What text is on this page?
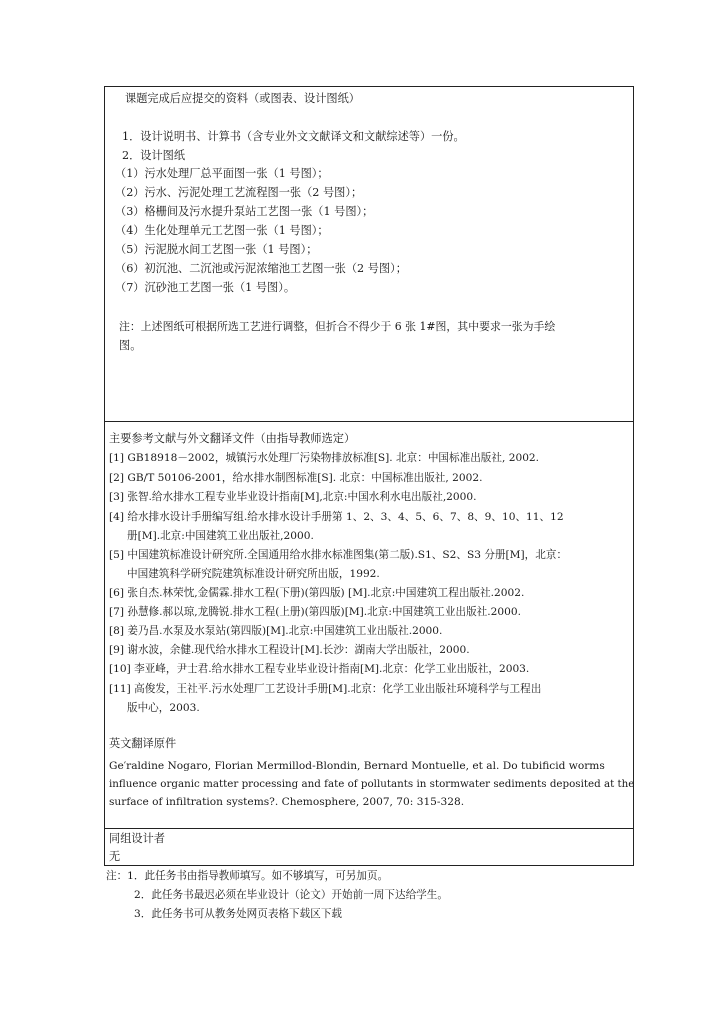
课题完成后应提交的资料（或图表、设计图纸）
1．设计说明书、计算书（含专业外文文献译文和文献综述等）一份。
2．设计图纸
（1）污水处理厂总平面图一张（1 号图）；
（2）污水、污泥处理工艺流程图一张（2 号图）；
（3）格栅间及污水提升泵站工艺图一张（1 号图）；
（4）生化处理单元工艺图一张（1 号图）；
（5）污泥脱水间工艺图一张（1 号图）；
（6）初沉池、二沉池或污泥浓缩池工艺图一张（2 号图）；
（7）沉砂池工艺图一张（1 号图）。
注：上述图纸可根据所选工艺进行调整，但折合不得少于 6 张 1#图，其中要求一张为手绘
图。
主要参考文献与外文翻译文件（由指导教师选定）
[1] GB18918－2002，城镇污水处理厂污染物排放标准[S]. 北京：中国标准出版社, 2002.
[2] GB/T 50106-2001，给水排水制图标准[S]. 北京：中国标准出版社, 2002.
[3] 张智.给水排水工程专业毕业设计指南[M],北京:中国水利水电出版社,2000.
[4] 给水排水设计手册编写组.给水排水设计手册第 1、2、3、4、5、6、7、8、9、10、11、12
册[M].北京:中国建筑工业出版社,2000.
[5] 中国建筑标准设计研究所.全国通用给水排水标准图集(第二版).S1、S2、S3 分册[M]，北京：
中国建筑科学研究院建筑标准设计研究所出版，1992.
[6] 张自杰.林荣忱,金儒霖.排水工程(下册)(第四版) [M].北京:中国建筑工程出版社.2002.
[7] 孙慧修.郝以琼,龙腾锐.排水工程(上册)(第四版)[M].北京:中国建筑工业出版社.2000.
[8] 姜乃昌.水泵及水泵站(第四版)[M].北京:中国建筑工业出版社.2000.
[9] 谢水波，余健.现代给水排水工程设计[M].长沙：湖南大学出版社，2000.
[10] 李亚峰，尹士君.给水排水工程专业毕业设计指南[M].北京：化学工业出版社，2003.
[11] 高俊发，王社平.污水处理厂工艺设计手册[M].北京：化学工业出版社环境科学与工程出
版中心，2003.
英文翻译原件
Ge′raldine Nogaro, Florian Mermillod-Blondin, Bernard Montuelle, et al. Do tubificid worms
influence organic matter processing and fate of pollutants in stormwater sediments deposited at the
surface of infiltration systems?. Chemosphere, 2007, 70: 315-328.
同组设计者
无
注：1．此任务书由指导教师填写。如不够填写，可另加页。
2．此任务书最迟必须在毕业设计（论文）开始前一周下达给学生。
3．此任务书可从教务处网页表格下载区下载
